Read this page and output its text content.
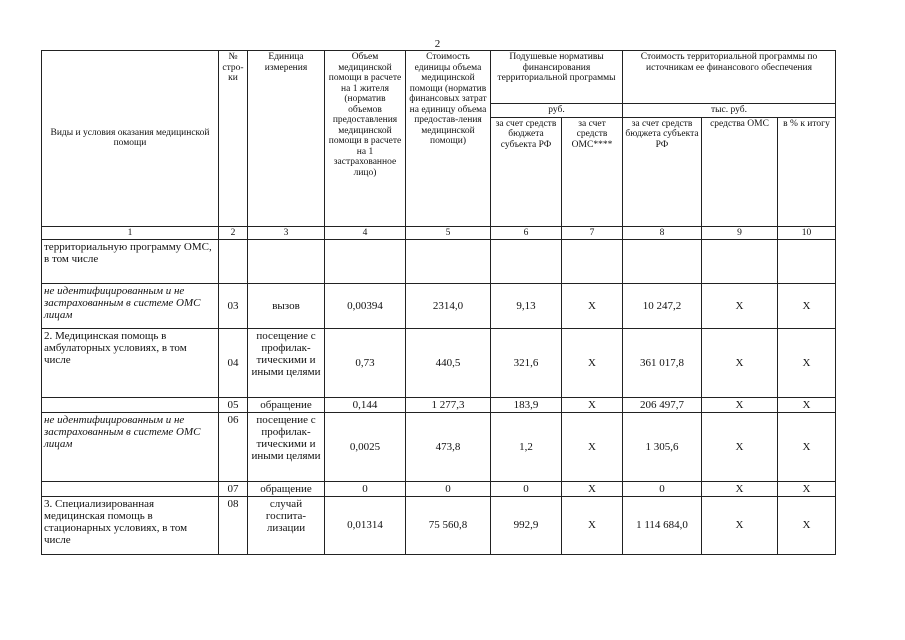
2
Виды и условия оказания медицинской помощи	№ стро-ки	Единица измерения	Объем медицинской помощи в расчете на 1 жителя (норматив объемов предоставления медицинской помощи в расчете на 1 застрахованное лицо)	Стоимость единицы объема медицинской помощи (норматив финансовых затрат на единицу объема предостав-ления медицинской помощи)	Подушевые нормативы финансирования территориальной программы		Стоимость территориальной программы по источникам ее финансового обеспечения		
					руб.		тыс. руб.		
					за счет средств бюджета субъекта РФ	за счет средств ОМС****	за счет средств бюджета субъекта РФ	средства ОМС	в % к итогу
1	2	3	4	5	6	7	8	9	10
территориальную программу ОМС, в том числе									
не идентифицированным и не застрахованным в системе ОМС лицам	03	вызов	0,00394	2314,0	9,13	X	10 247,2	X	X
2. Медицинская помощь в амбулаторных условиях, в том числе	04	посещение с профилак-тическими и иными целями	0,73	440,5	321,6	X	361 017,8	X	X
	05	обращение	0,144	1 277,3	183,9	X	206 497,7	X	X
не идентифицированным и не застрахованным в системе ОМС лицам	06	посещение с профилак-тическими и иными целями	0,0025	473,8	1,2	X	1 305,6	X	X
	07	обращение	0	0	0	X	0	X	X
3. Специализированная медицинская помощь в стационарных условиях, в том числе	08	случай госпита-лизации	0,01314	75 560,8	992,9	X	1 114 684,0	X	X
